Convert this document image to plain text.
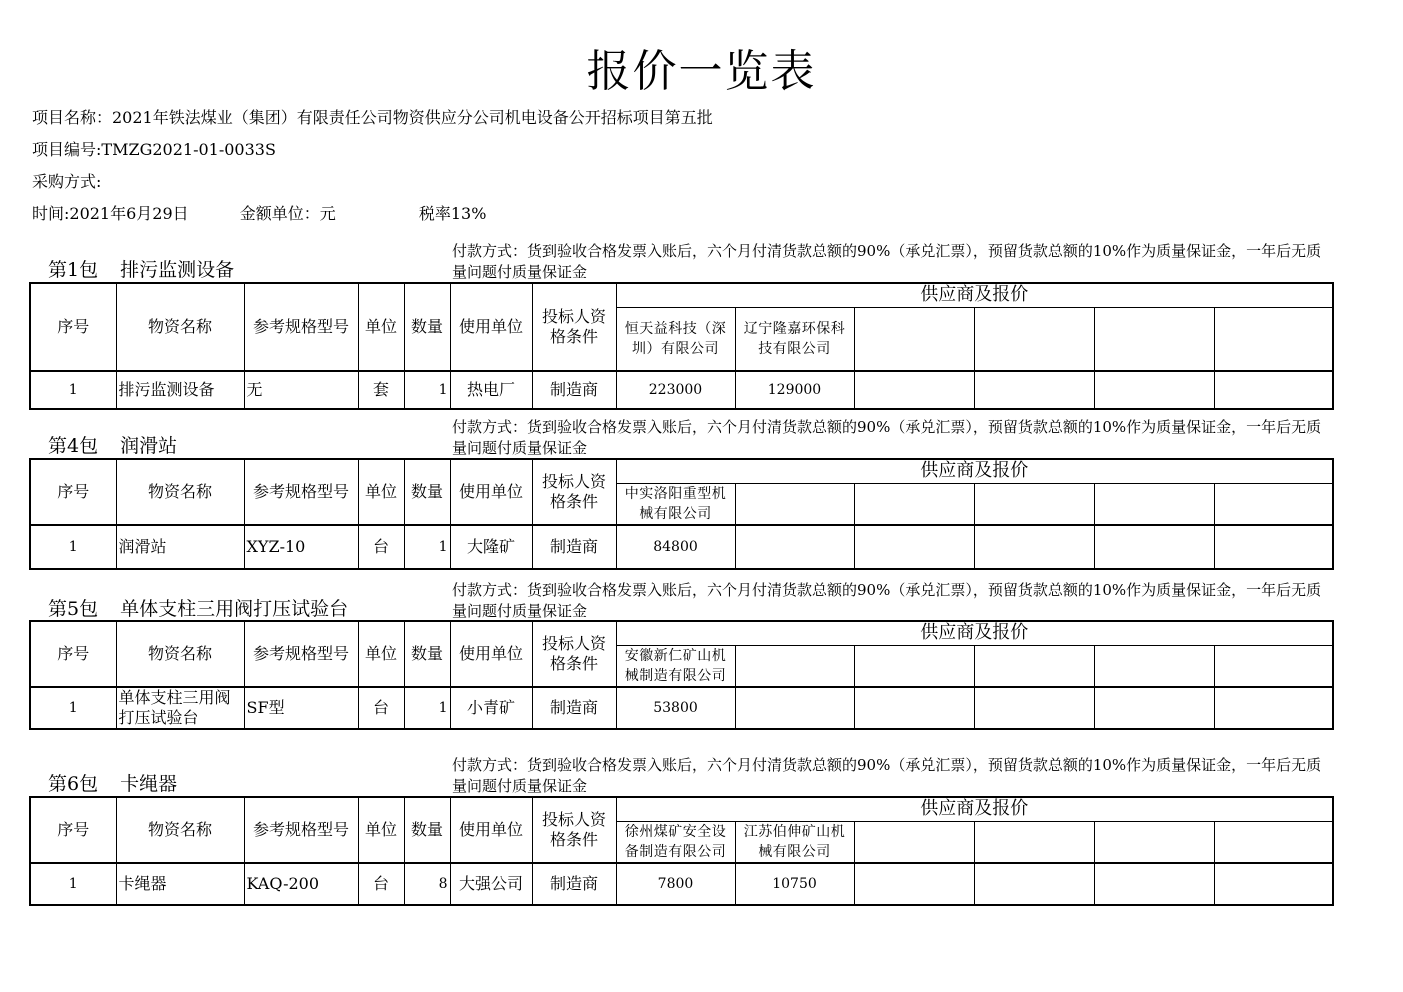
报价一览表
项目名称：2021年铁法煤业（集团）有限责任公司物资供应分公司机电设备公开招标项目第五批
项目编号:TMZG2021-01-0033S
采购方式:
时间:2021年6月29日	金额单位：元	税率13%
付款方式：货到验收合格发票入账后，六个月付清货款总额的90%（承兑汇票），预留货款总额的10%作为质量保证金，一年后无质量问题付质量保证金
第1包 排污监测设备
序号	物资名称	参考规格型号	单位	数量	使用单位	投标人资格条件	供应商及报价					
							恒天益科技（深圳）有限公司	辽宁隆嘉环保科技有限公司				
1	排污监测设备	无	套	1	热电厂	制造商	223000	129000				
付款方式：货到验收合格发票入账后，六个月付清货款总额的90%（承兑汇票），预留货款总额的10%作为质量保证金，一年后无质量问题付质量保证金
第4包 润滑站
序号	物资名称	参考规格型号	单位	数量	使用单位	投标人资格条件	供应商及报价					
							中实洛阳重型机械有限公司					
1	润滑站	XYZ-10	台	1	大隆矿	制造商	84800					
付款方式：货到验收合格发票入账后，六个月付清货款总额的90%（承兑汇票），预留货款总额的10%作为质量保证金，一年后无质量问题付质量保证金
第5包 单体支柱三用阀打压试验台
序号	物资名称	参考规格型号	单位	数量	使用单位	投标人资格条件	供应商及报价					
							安徽新仁矿山机械制造有限公司					
1	单体支柱三用阀打压试验台	SF型	台	1	小青矿	制造商	53800					
付款方式：货到验收合格发票入账后，六个月付清货款总额的90%（承兑汇票），预留货款总额的10%作为质量保证金，一年后无质量问题付质量保证金
第6包 卡绳器
序号	物资名称	参考规格型号	单位	数量	使用单位	投标人资格条件	供应商及报价					
							徐州煤矿安全设备制造有限公司	江苏伯伸矿山机械有限公司				
1	卡绳器	KAQ-200	台	8	大强公司	制造商	7800	10750				
